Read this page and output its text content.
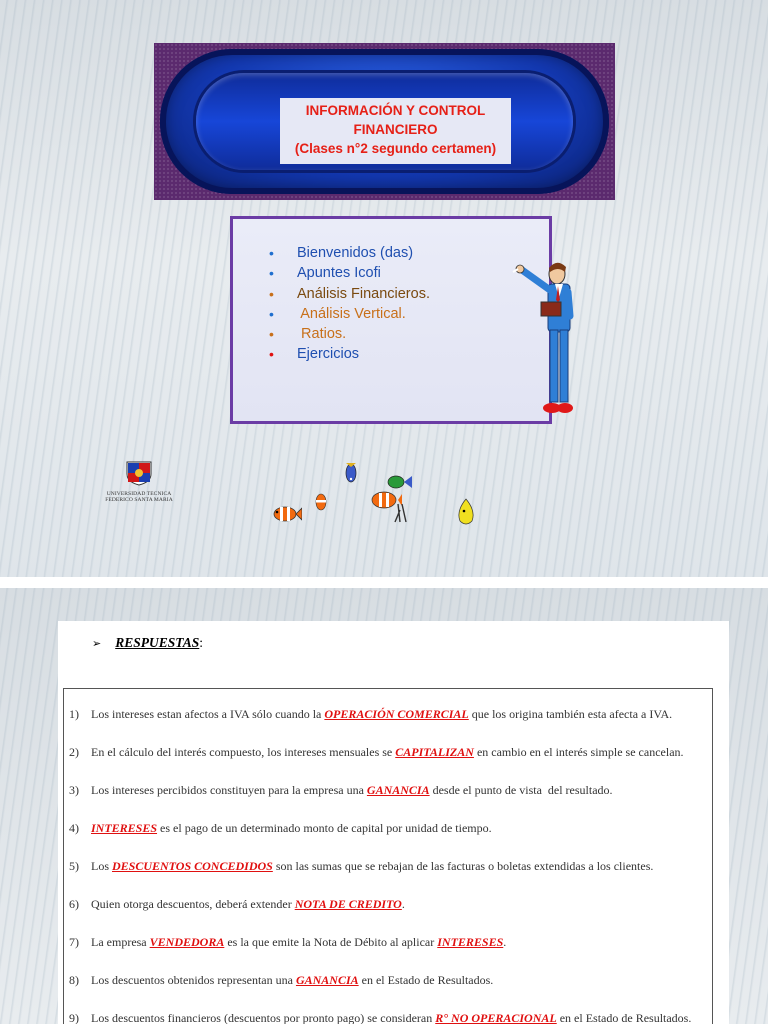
INFORMACIÓN Y CONTROL
FINANCIERO
(Clases n°2 segundo certamen)
• Bienvenidos (das)
• Apuntes Icofi
• Análisis Financieros.
• Análisis Vertical.
• Ratios.
• Ejercicios
UNIVERSIDAD TECNICA
FEDERICO SANTA MARIA
➢ RESPUESTAS:
1) Los intereses estan afectos a IVA sólo cuando la OPERACIÓN COMERCIAL que los origina también esta afecta a IVA.
2) En el cálculo del interés compuesto, los intereses mensuales se CAPITALIZAN en cambio en el interés simple se cancelan.
3) Los intereses percibidos constituyen para la empresa una GANANCIA desde el punto de vista  del resultado.
4) INTERESES es el pago de un determinado monto de capital por unidad de tiempo.
5) Los DESCUENTOS CONCEDIDOS son las sumas que se rebajan de las facturas o boletas extendidas a los clientes.
6) Quien otorga descuentos, deberá extender NOTA DE CREDITO.
7) La empresa VENDEDORA es la que emite la Nota de Débito al aplicar INTERESES.
8) Los descuentos obtenidos representan una GANANCIA en el Estado de Resultados.
9) Los descuentos financieros (descuentos por pronto pago) se consideran R° NO OPERACIONAL en el Estado de Resultados.
